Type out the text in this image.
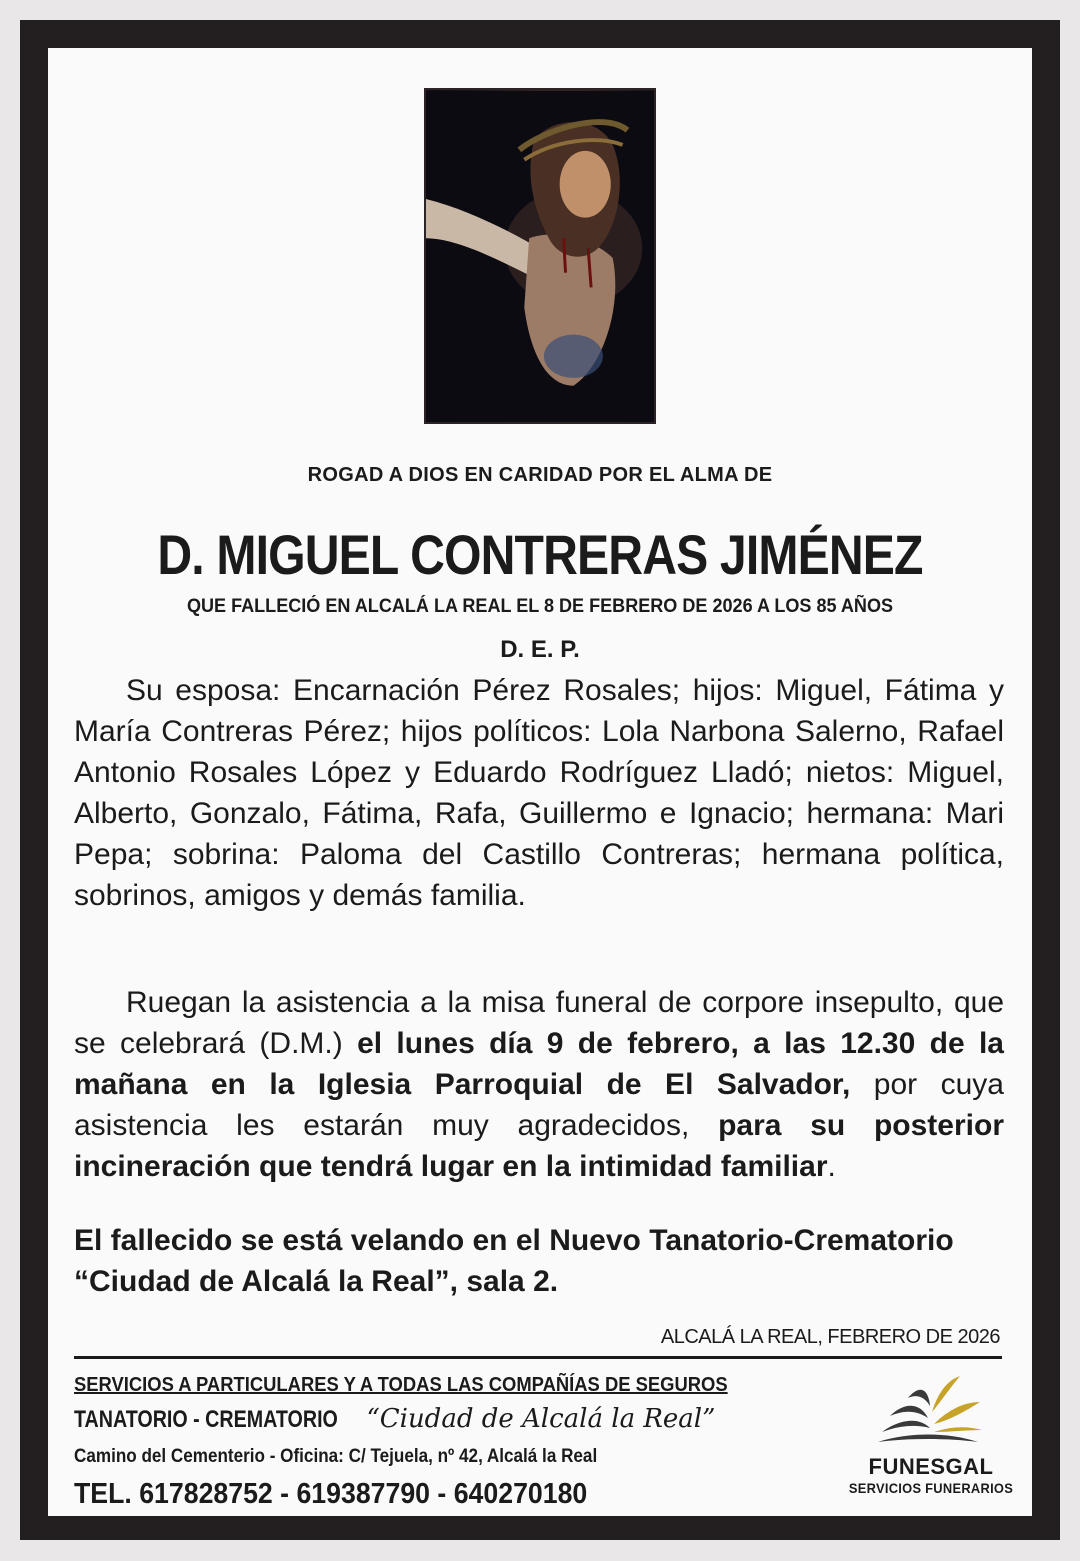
ROGAD A DIOS EN CARIDAD POR EL ALMA DE
D. MIGUEL CONTRERAS JIMÉNEZ
QUE FALLECIÓ EN ALCALÁ LA REAL EL 8 DE FEBRERO DE 2026 A LOS 85 AÑOS
D. E. P.

Su esposa: Encarnación Pérez Rosales; hijos: Miguel, Fátima y María Contreras Pérez; hijos políticos: Lola Narbona Salerno, Rafael Antonio Rosales López y Eduardo Rodríguez Lladó; nietos: Miguel, Alberto, Gonzalo, Fátima, Rafa, Guillermo e Ignacio; hermana: Mari Pepa; sobrina: Paloma del Castillo Contreras; hermana política, sobrinos, amigos y demás familia.

Ruegan la asistencia a la misa funeral de corpore insepulto, que se celebrará (D.M.) el lunes día 9 de febrero, a las 12.30 de la mañana en la Iglesia Parroquial de El Salvador, por cuya asistencia les estarán muy agradecidos, para su posterior incineración que tendrá lugar en la intimidad familiar.

El fallecido se está velando en el Nuevo Tanatorio-Crematorio “Ciudad de Alcalá la Real”, sala 2.

ALCALÁ LA REAL, FEBRERO DE 2026
SERVICIOS A PARTICULARES Y A TODAS LAS COMPAÑÍAS DE SEGUROS
TANATORIO - CREMATORIO “Ciudad de Alcalá la Real”
Camino del Cementerio - Oficina: C/ Tejuela, nº 42, Alcalá la Real
TEL. 617828752 - 619387790 - 640270180
FUNESGAL
SERVICIOS FUNERARIOS
